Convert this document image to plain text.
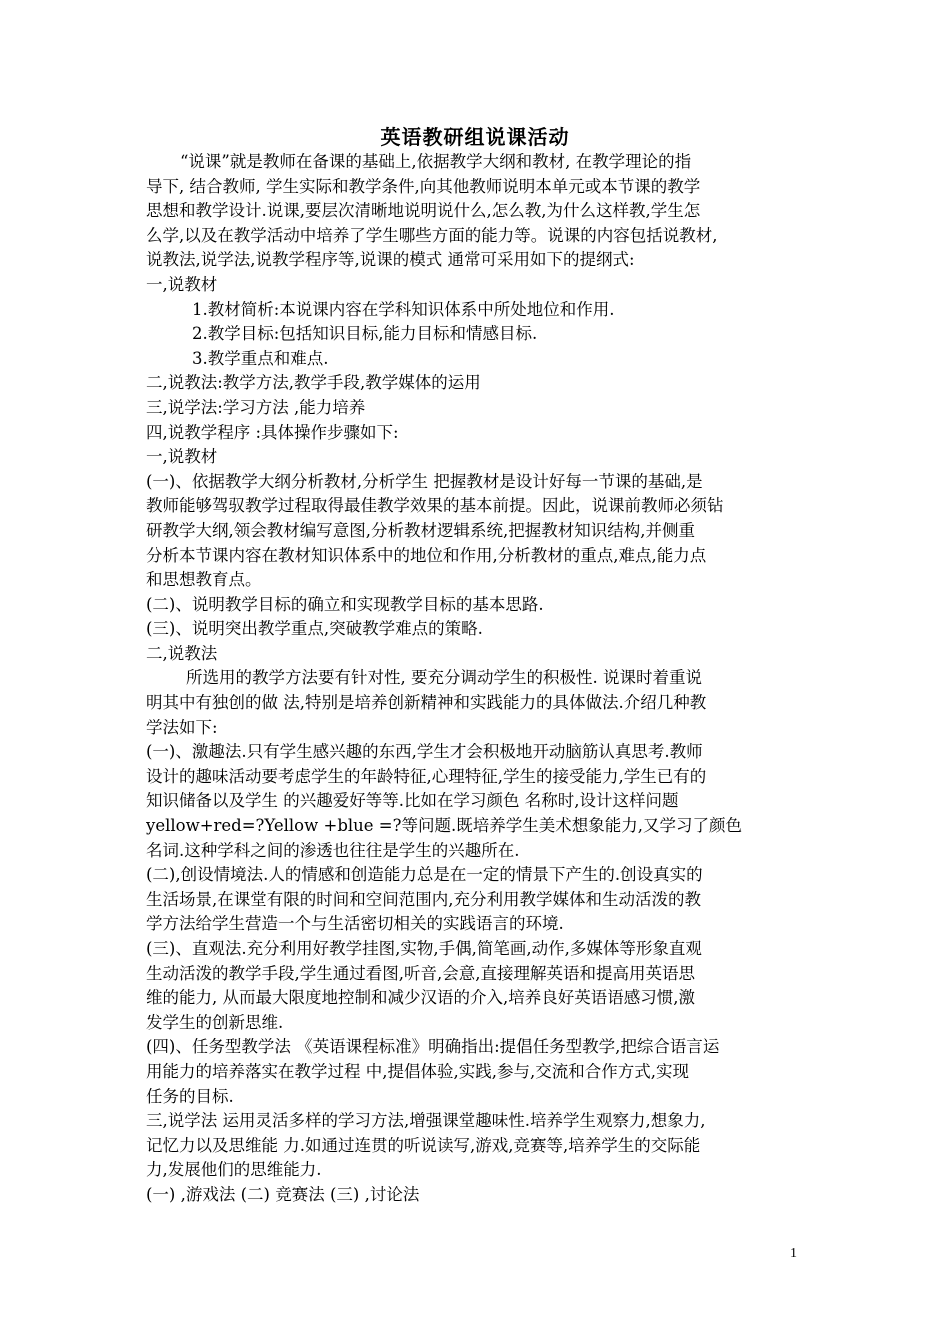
英语教研组说课活动
“说课”就是教师在备课的基础上,依据教学大纲和教材, 在教学理论的指
导下, 结合教师, 学生实际和教学条件,向其他教师说明本单元或本节课的教学
思想和教学设计.说课,要层次清晰地说明说什么,怎么教,为什么这样教,学生怎
么学,以及在教学活动中培养了学生哪些方面的能力等。说课的内容包括说教材,
说教法,说学法,说教学程序等,说课的模式 通常可采用如下的提纲式:
一,说教材
1.教材简析:本说课内容在学科知识体系中所处地位和作用.
2.教学目标:包括知识目标,能力目标和情感目标.
3.教学重点和难点.
二,说教法:教学方法,教学手段,教学媒体的运用
三,说学法:学习方法 ,能力培养
四,说教学程序 :具体操作步骤如下:
一,说教材
(一)、依据教学大纲分析教材,分析学生 把握教材是设计好每一节课的基础,是
教师能够驾驭教学过程取得最佳教学效果的基本前提。因此，说课前教师必须钻
研教学大纲,领会教材编写意图,分析教材逻辑系统,把握教材知识结构,并侧重
分析本节课内容在教材知识体系中的地位和作用,分析教材的重点,难点,能力点
和思想教育点。
(二)、说明教学目标的确立和实现教学目标的基本思路.
(三)、说明突出教学重点,突破教学难点的策略.
二,说教法
所选用的教学方法要有针对性, 要充分调动学生的积极性. 说课时着重说
明其中有独创的做 法,特别是培养创新精神和实践能力的具体做法.介绍几种教
学法如下:
(一)、激趣法.只有学生感兴趣的东西,学生才会积极地开动脑筋认真思考.教师
设计的趣味活动要考虑学生的年龄特征,心理特征,学生的接受能力,学生已有的
知识储备以及学生 的兴趣爱好等等.比如在学习颜色 名称时,设计这样问题
yellow+red=?Yellow +blue =?等问题.既培养学生美术想象能力,又学习了颜色
名词.这种学科之间的渗透也往往是学生的兴趣所在.
(二),创设情境法.人的情感和创造能力总是在一定的情景下产生的.创设真实的
生活场景,在课堂有限的时间和空间范围内,充分利用教学媒体和生动活泼的教
学方法给学生营造一个与生活密切相关的实践语言的环境.
(三)、直观法.充分利用好教学挂图,实物,手偶,简笔画,动作,多媒体等形象直观
生动活泼的教学手段,学生通过看图,听音,会意,直接理解英语和提高用英语思
维的能力, 从而最大限度地控制和减少汉语的介入,培养良好英语语感习惯,激
发学生的创新思维.
(四)、任务型教学法 《英语课程标准》明确指出:提倡任务型教学,把综合语言运
用能力的培养落实在教学过程 中,提倡体验,实践,参与,交流和合作方式,实现
任务的目标.
三,说学法 运用灵活多样的学习方法,增强课堂趣味性.培养学生观察力,想象力,
记忆力以及思维能 力.如通过连贯的听说读写,游戏,竞赛等,培养学生的交际能
力,发展他们的思维能力.
(一) ,游戏法 (二) 竞赛法 (三) ,讨论法
1
